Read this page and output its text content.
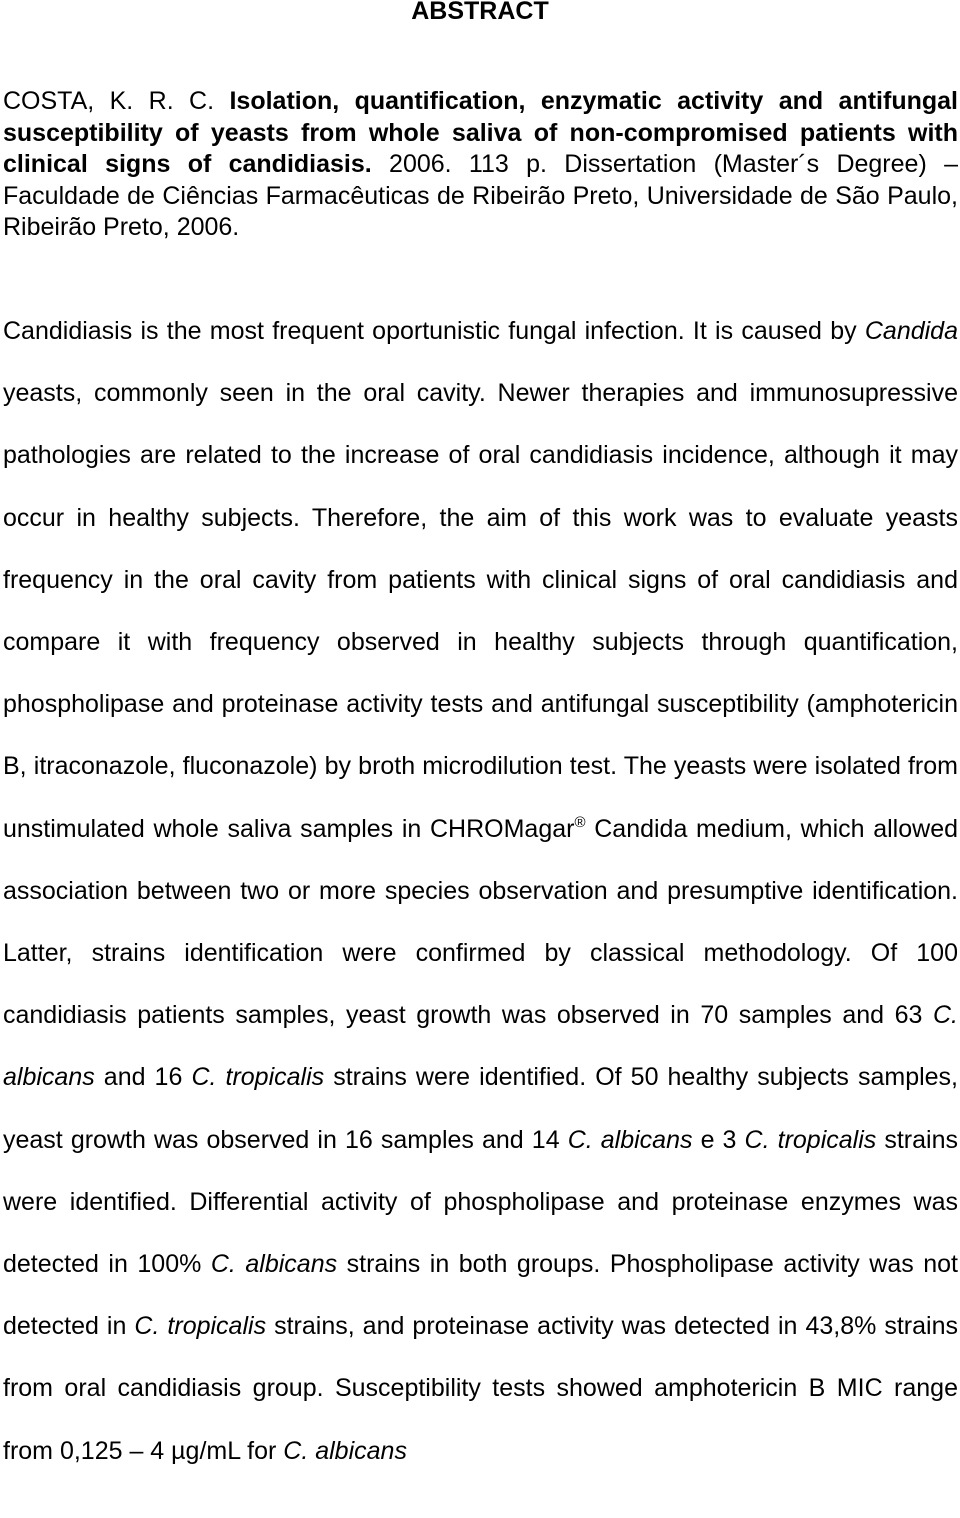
ABSTRACT

COSTA, K. R. C. Isolation, quantification, enzymatic activity and antifungal susceptibility of yeasts from whole saliva of non-compromised patients with clinical signs of candidiasis. 2006. 113 p. Dissertation (Master´s Degree) – Faculdade de Ciências Farmacêuticas de Ribeirão Preto, Universidade de São Paulo, Ribeirão Preto, 2006.

Candidiasis is the most frequent oportunistic fungal infection. It is caused by Candida yeasts, commonly seen in the oral cavity. Newer therapies and immunosupressive pathologies are related to the increase of oral candidiasis incidence, although it may occur in healthy subjects. Therefore, the aim of this work was to evaluate yeasts frequency in the oral cavity from patients with clinical signs of oral candidiasis and compare it with frequency observed in healthy subjects through quantification, phospholipase and proteinase activity tests and antifungal susceptibility (amphotericin B, itraconazole, fluconazole) by broth microdilution test. The yeasts were isolated from unstimulated whole saliva samples in CHROMagar® Candida medium, which allowed association between two or more species observation and presumptive identification. Latter, strains identification were confirmed by classical methodology. Of 100 candidiasis patients samples, yeast growth was observed in 70 samples and 63 C. albicans and 16 C. tropicalis strains were identified. Of 50 healthy subjects samples, yeast growth was observed in 16 samples and 14 C. albicans e 3 C. tropicalis strains were identified. Differential activity of phospholipase and proteinase enzymes was detected in 100% C. albicans strains in both groups. Phospholipase activity was not detected in C. tropicalis strains, and proteinase activity was detected in 43,8% strains from oral candidiasis group. Susceptibility tests showed amphotericin B MIC range from 0,125 – 4 µg/mL for C. albicans
